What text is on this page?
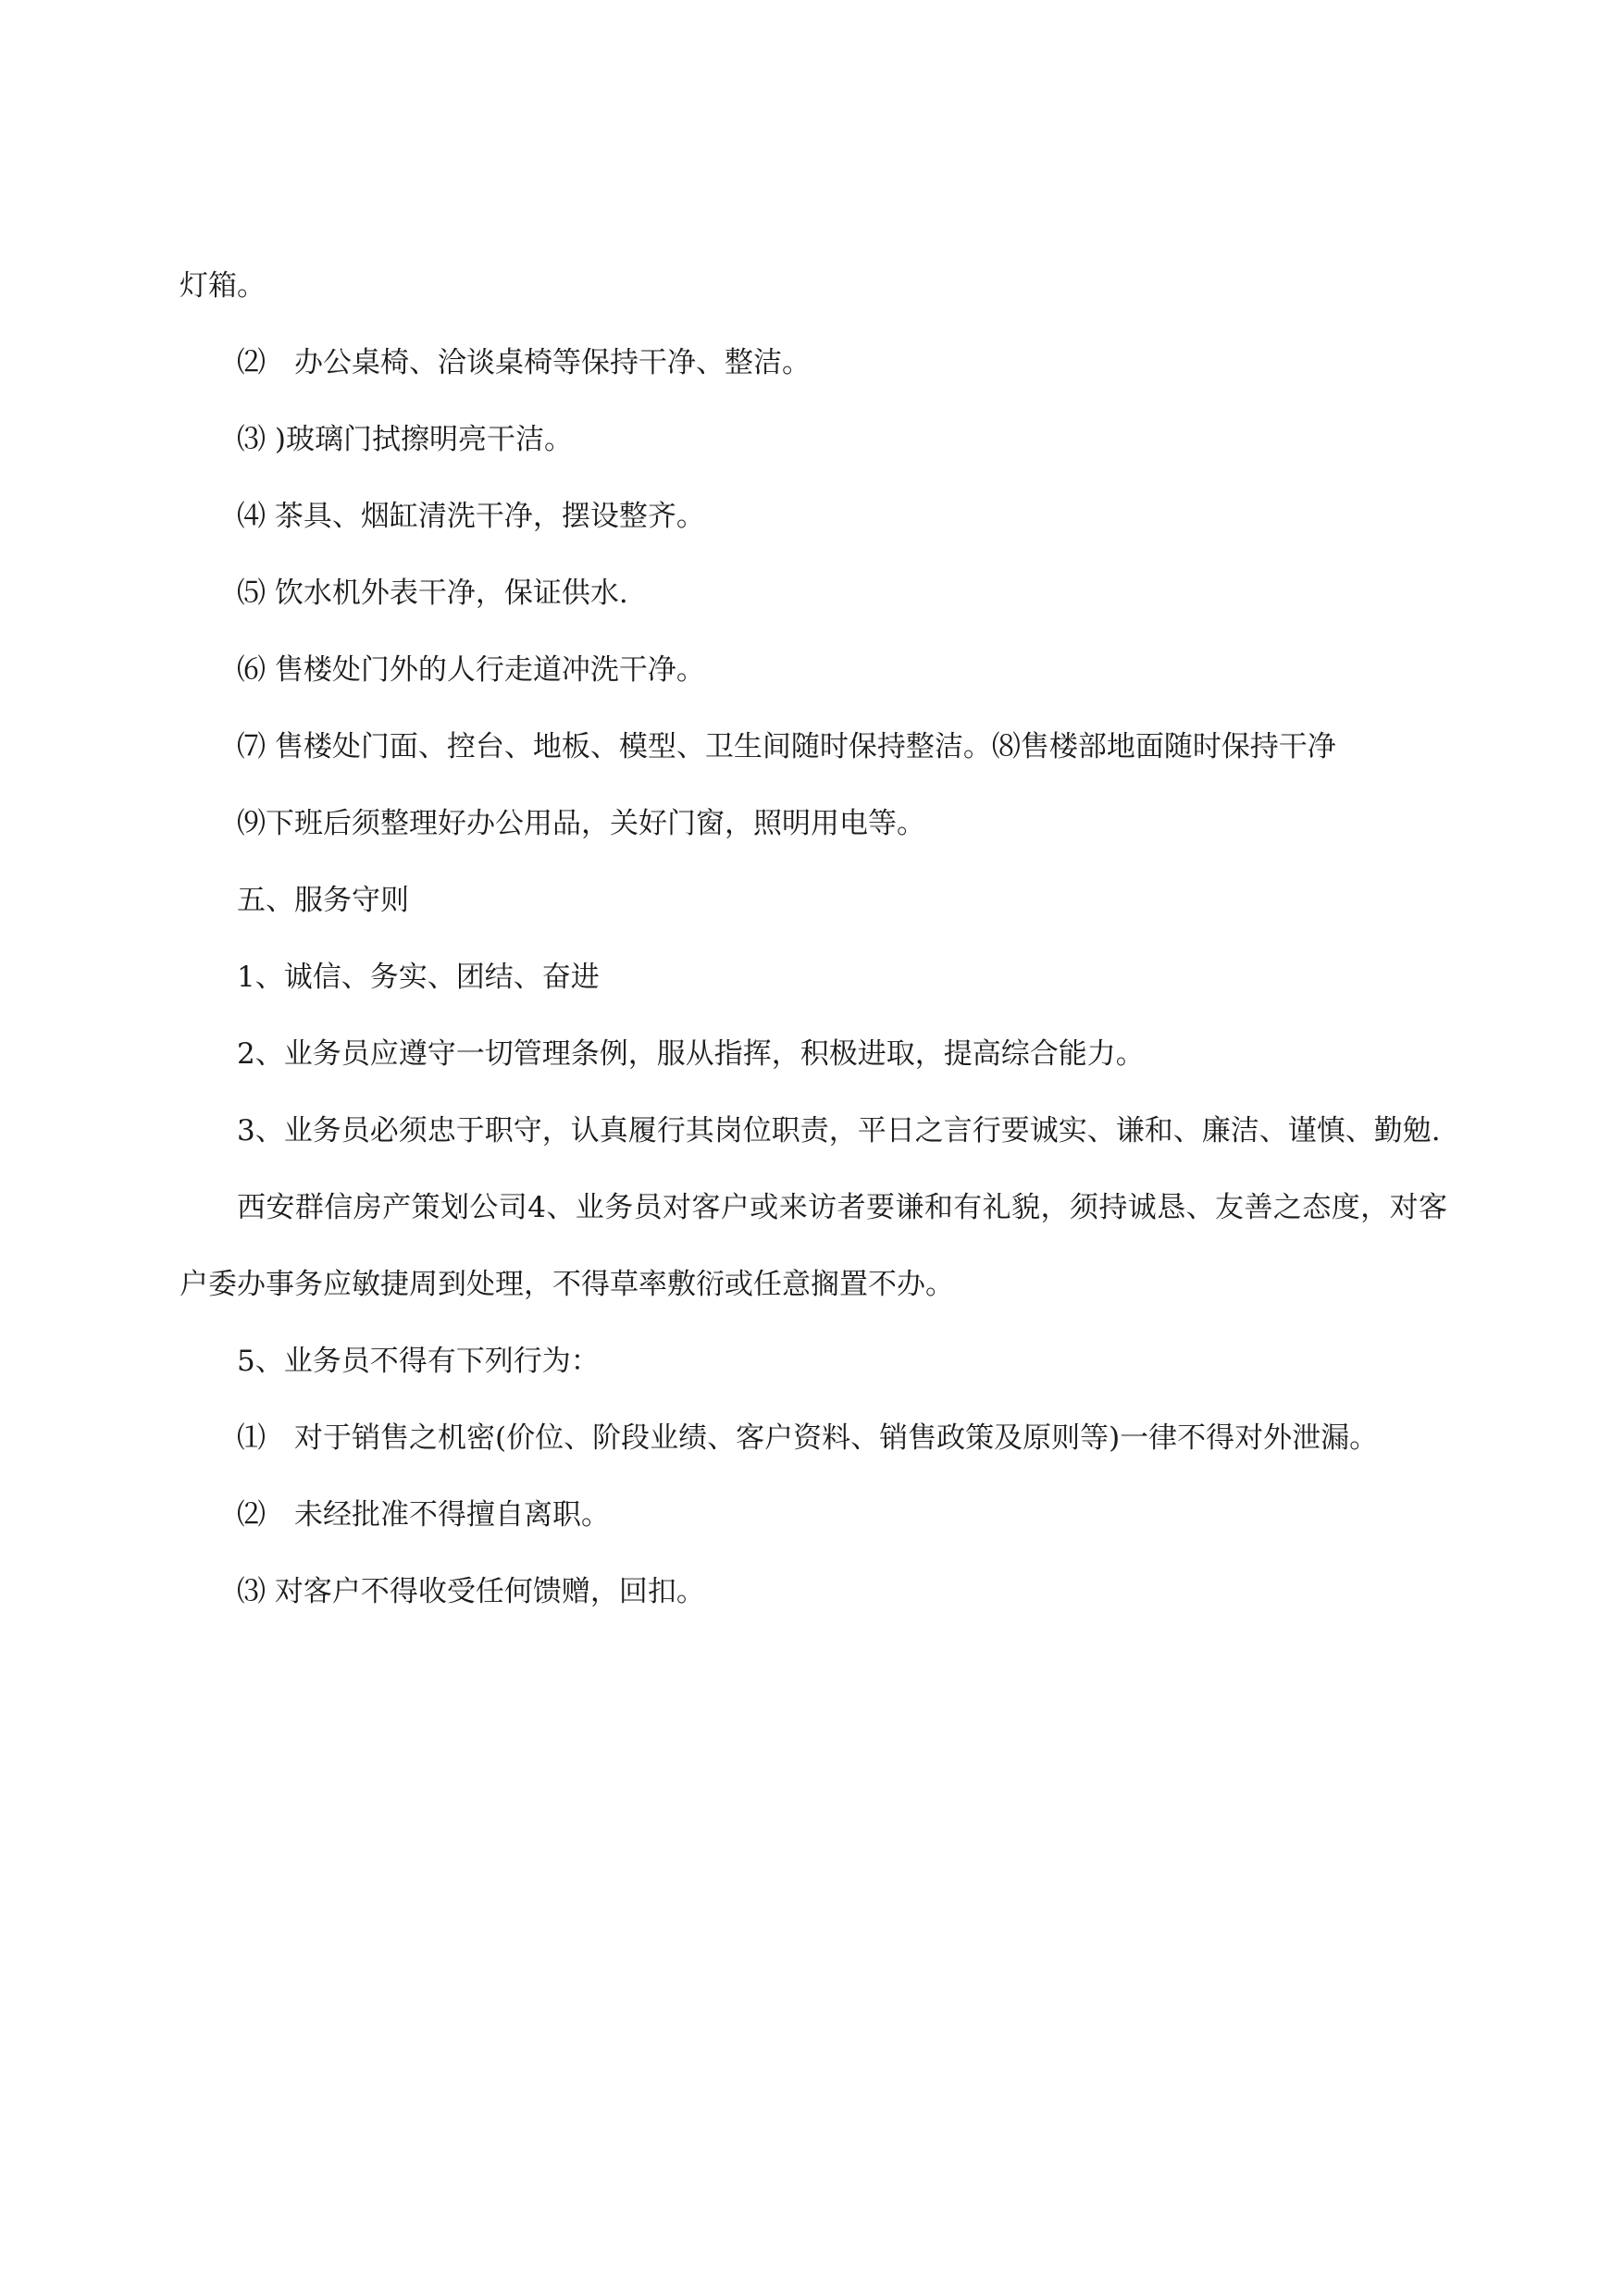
灯箱。

⑵　办公桌椅、洽谈桌椅等保持干净、整洁。

⑶ )玻璃门拭擦明亮干洁。

⑷ 茶具、烟缸清洗干净，摆设整齐。

⑸ 饮水机外表干净，保证供水.

⑹ 售楼处门外的人行走道冲洗干净。

⑺ 售楼处门面、控台、地板、模型、卫生间随时保持整洁。⑻售楼部地面随时保持干净

⑼下班后须整理好办公用品，关好门窗，照明用电等。

五、服务守则

1、诚信、务实、团结、奋进

2、业务员应遵守一切管理条例，服从指挥，积极进取，提高综合能力。

3、业务员必须忠于职守，认真履行其岗位职责，平日之言行要诚实、谦和、廉洁、谨慎、勤勉.

西安群信房产策划公司4、业务员对客户或来访者要谦和有礼貌，须持诚恳、友善之态度，对客户委办事务应敏捷周到处理，不得草率敷衍或任意搁置不办。

5、业务员不得有下列行为：

⑴　对于销售之机密(价位、阶段业绩、客户资料、销售政策及原则等)一律不得对外泄漏。

⑵　未经批准不得擅自离职。

⑶ 对客户不得收受任何馈赠，回扣。
